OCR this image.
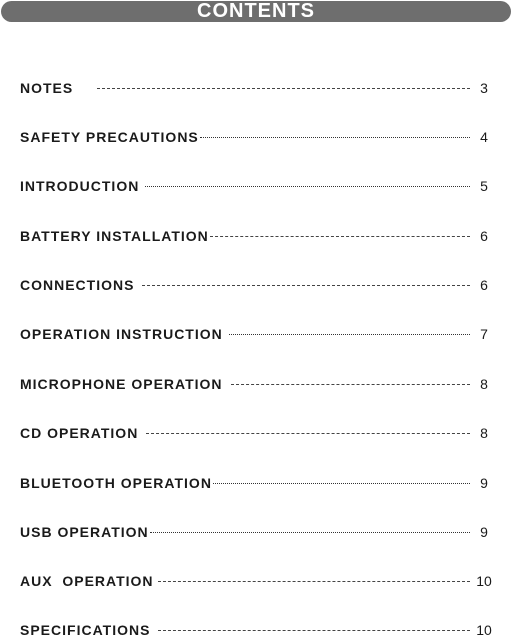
CONTENTS
NOTES	3
SAFETY PRECAUTIONS	4
INTRODUCTION	5
BATTERY INSTALLATION	6
CONNECTIONS	6
OPERATION INSTRUCTION	7
MICROPHONE OPERATION	8
CD OPERATION	8
BLUETOOTH OPERATION	9
USB OPERATION	9
AUX  OPERATION	10
SPECIFICATIONS	10
